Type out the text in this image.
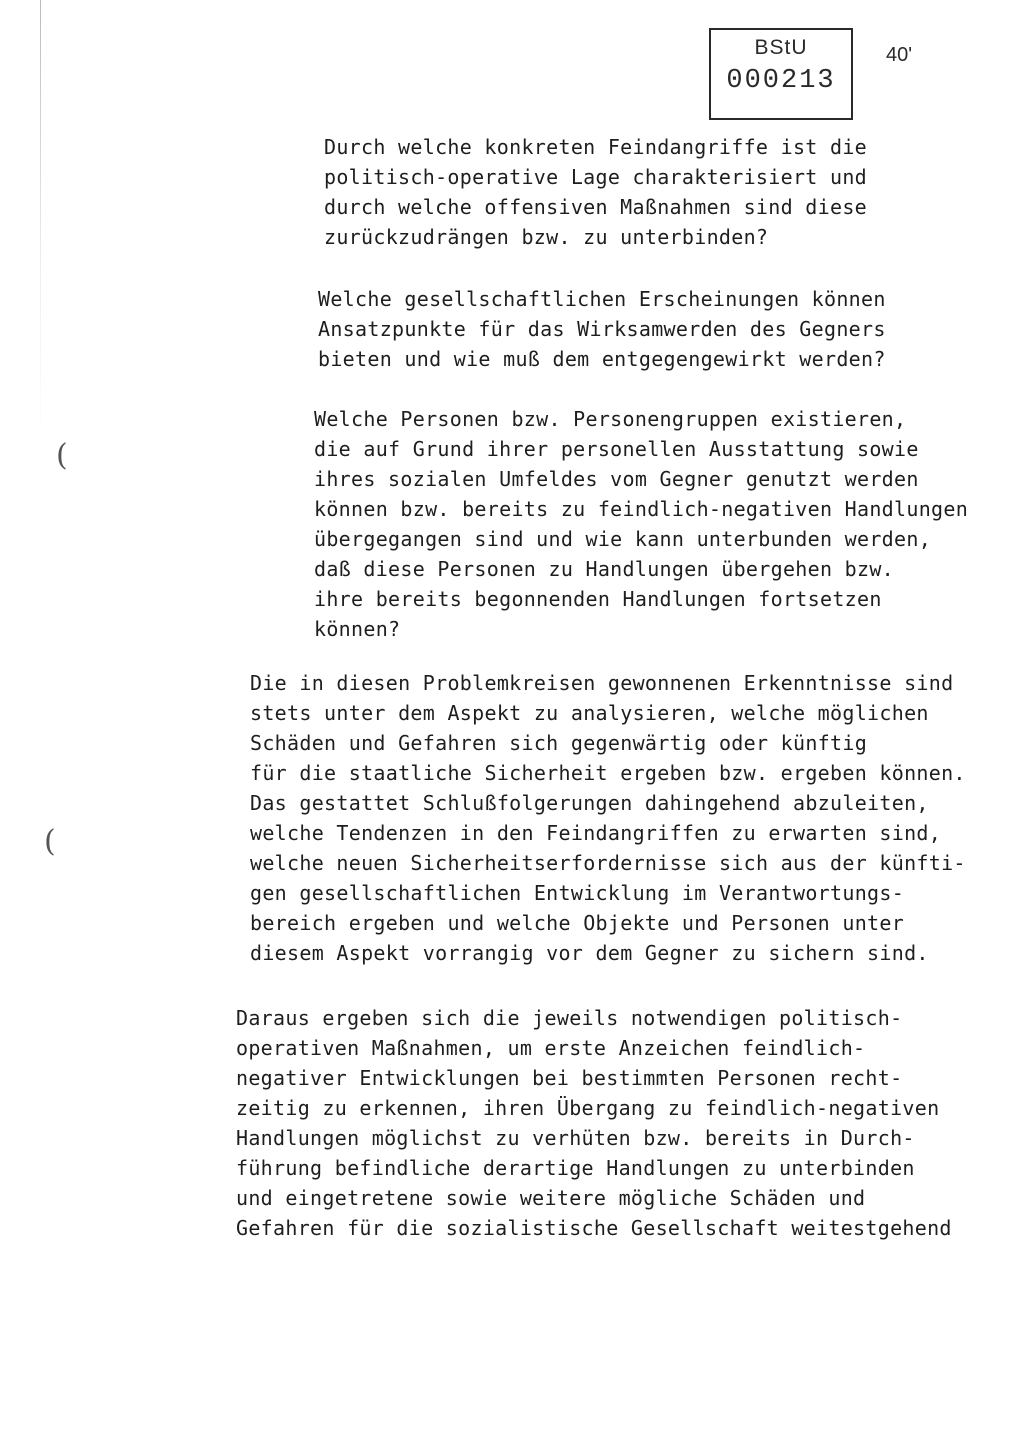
BStU
000213
40'
(
(
Durch welche konkreten Feindangriffe ist die
politisch-operative Lage charakterisiert und
durch welche offensiven Maßnahmen sind diese
zurückzudrängen bzw. zu unterbinden?
Welche gesellschaftlichen Erscheinungen können
Ansatzpunkte für das Wirksamwerden des Gegners
bieten und wie muß dem entgegengewirkt werden?
Welche Personen bzw. Personengruppen existieren,
die auf Grund ihrer personellen Ausstattung sowie
ihres sozialen Umfeldes vom Gegner genutzt werden
können bzw. bereits zu feindlich-negativen Handlungen
übergegangen sind und wie kann unterbunden werden,
daß diese Personen zu Handlungen übergehen bzw.
ihre bereits begonnenden Handlungen fortsetzen
können?
Die in diesen Problemkreisen gewonnenen Erkenntnisse sind
stets unter dem Aspekt zu analysieren, welche möglichen
Schäden und Gefahren sich gegenwärtig oder künftig
für die staatliche Sicherheit ergeben bzw. ergeben können.
Das gestattet Schlußfolgerungen dahingehend abzuleiten,
welche Tendenzen in den Feindangriffen zu erwarten sind,
welche neuen Sicherheitserfordernisse sich aus der künfti-
gen gesellschaftlichen Entwicklung im Verantwortungs-
bereich ergeben und welche Objekte und Personen unter
diesem Aspekt vorrangig vor dem Gegner zu sichern sind.
Daraus ergeben sich die jeweils notwendigen politisch-
operativen Maßnahmen, um erste Anzeichen feindlich-
negativer Entwicklungen bei bestimmten Personen recht-
zeitig zu erkennen, ihren Übergang zu feindlich-negativen
Handlungen möglichst zu verhüten bzw. bereits in Durch-
führung befindliche derartige Handlungen zu unterbinden
und eingetretene sowie weitere mögliche Schäden und
Gefahren für die sozialistische Gesellschaft weitestgehend
